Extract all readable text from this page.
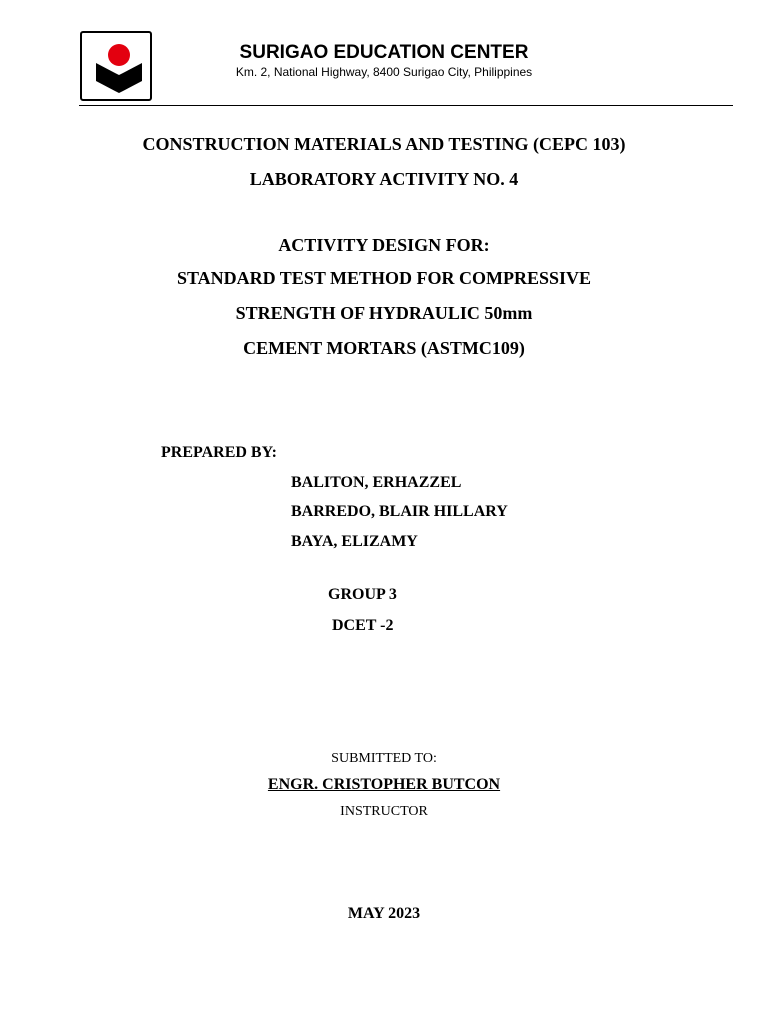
SURIGAO EDUCATION CENTER
Km. 2, National Highway, 8400 Surigao City, Philippines
CONSTRUCTION MATERIALS AND TESTING (CEPC 103)
LABORATORY ACTIVITY NO. 4
ACTIVITY DESIGN FOR:
STANDARD TEST METHOD FOR COMPRESSIVE
STRENGTH OF HYDRAULIC 50mm
CEMENT MORTARS (ASTMC109)
PREPARED BY:
BALITON, ERHAZZEL
BARREDO, BLAIR HILLARY
BAYA, ELIZAMY
GROUP 3
DCET -2
SUBMITTED TO:
ENGR. CRISTOPHER BUTCON
INSTRUCTOR
MAY 2023
